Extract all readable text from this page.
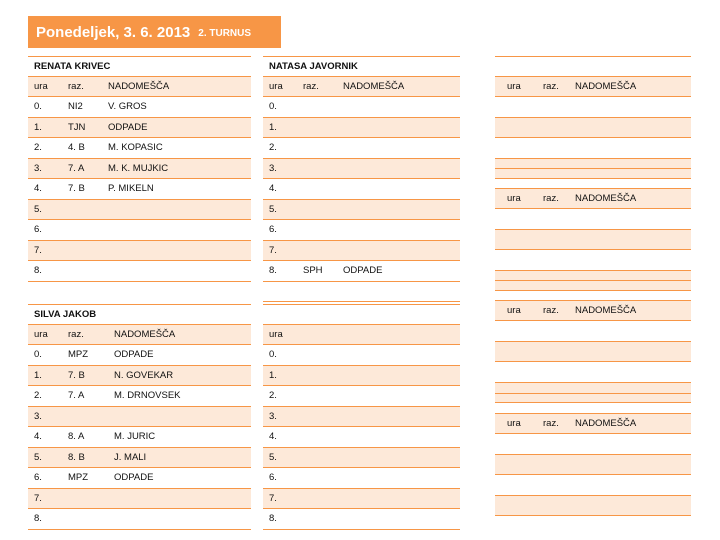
Ponedeljek, 3. 6. 2013 2. TURNUS
RENATA KRIVEC
ura raz.	NADOMEŠČA
0.	NI2	V. GROS
1.	TJN ODPADE
2.	4. B M. KOPASIC
3.	7. A M. K. MUJKIC
4.	7. B P. MIKELN
5.
6.
7.
8.
NATASA JAVORNIK
ura raz.	NADOMEŠČA
0.
1.
2.
3.
4.
5.
6.
7.
8.	SPH ODPADE
SILVA JAKOB
ura raz.	NADOMEŠČA
0.	MPZ	ODPADE
1.	7. B	N. GOVEKAR
2.	7. A	M. DRNOVSEK
3.
4.	8. A	M. JURIC
5.	8. B	J. MALI
6.	MPZ	ODPADE
7.
8.
ura
0.
1.
2.
3.
4.
5.
6.
7.
8.
ura raz. NADOMEŠČA
ura raz. NADOMEŠČA
ura raz. NADOMEŠČA
ura raz. NADOMEŠČA
